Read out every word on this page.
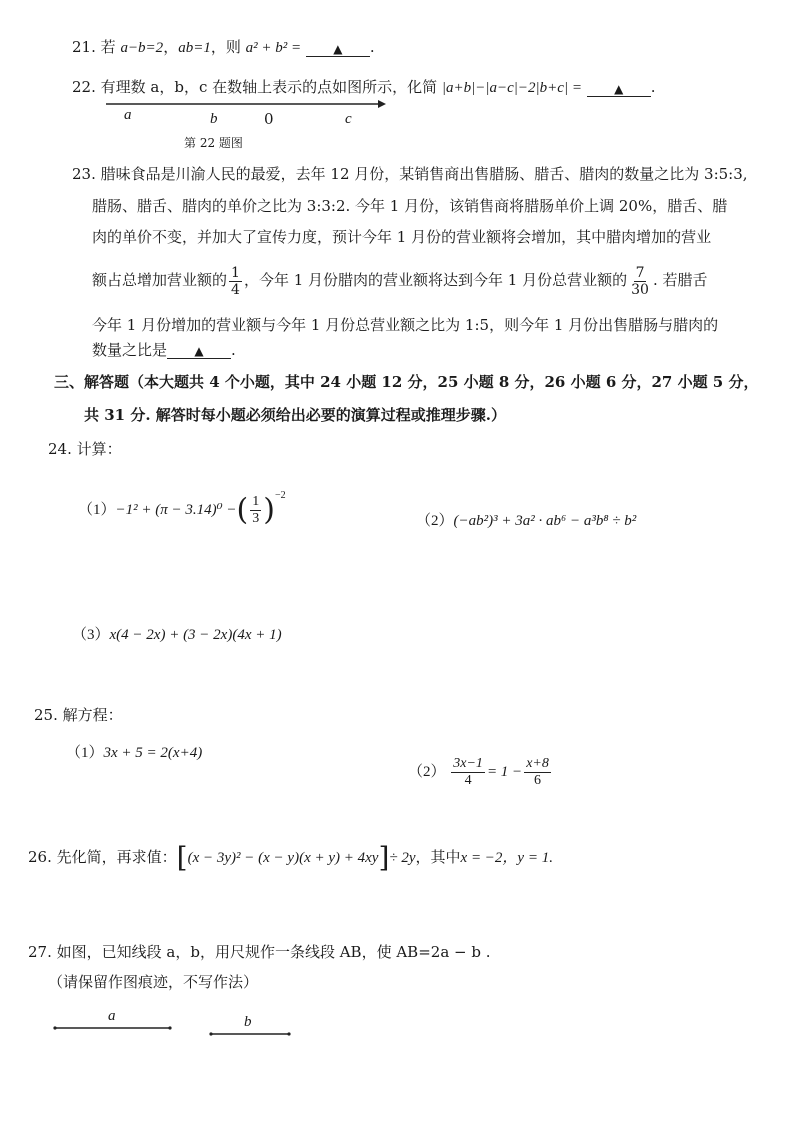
21. 若 a−b=2，ab=1，则 a² + b² =	▲ .
22. 有理数 a，b，c 在数轴上表示的点如图所示，化简 |a+b|−|a−c|−2|b+c| =	▲ .
a	b	0	c
第 22 题图
23. 腊味食品是川渝人民的最爱，去年 12 月份，某销售商出售腊肠、腊舌、腊肉的数量之比为 3:5:3,
腊肠、腊舌、腊肉的单价之比为 3:3:2. 今年 1 月份，该销售商将腊肠单价上调 20%，腊舌、腊
肉的单价不变，并加大了宣传力度，预计今年 1 月份的营业额将会增加，其中腊肉增加的营业
额占总增加营业额的 $\frac{1}{4}$ ，今年 1 月份腊肉的营业额将达到今年 1 月份总营业额的 $\frac{7}{30}$ . 若腊舌
今年 1 月份增加的营业额与今年 1 月份总营业额之比为 1:5，则今年 1 月份出售腊肠与腊肉的
数量之比是 ▲ .
三、解答题（本大题共 4 个小题，其中 24 小题 12 分，25 小题 8 分，26 小题 6 分，27 小题 5 分，
共 31 分. 解答时每小题必须给出必要的演算过程或推理步骤.）
24. 计算：
（1）−1² + (π − 3.14)⁰ −( $\frac{1}{3} )^{-2}$
（2）(−ab²)³ + 3a² · ab⁶ − a³b⁸ ÷ b²
（3）x(4 − 2x) + (3 − 2x)(4x + 1)
25. 解方程：
（1）3x + 5 = 2(x+4)
$(2) \frac{3x-1}{4} = 1 - \frac{x+8}{6}$
26. 先化简，再求值：[(x − 3y)² − (x − y)(x + y) + 4xy]÷ 2y，其中x = −2，y = 1.
27. 如图，已知线段 a，b，用尺规作一条线段 AB，使 AB=2a − b .
（请保留作图痕迹，不写作法）
a	b
